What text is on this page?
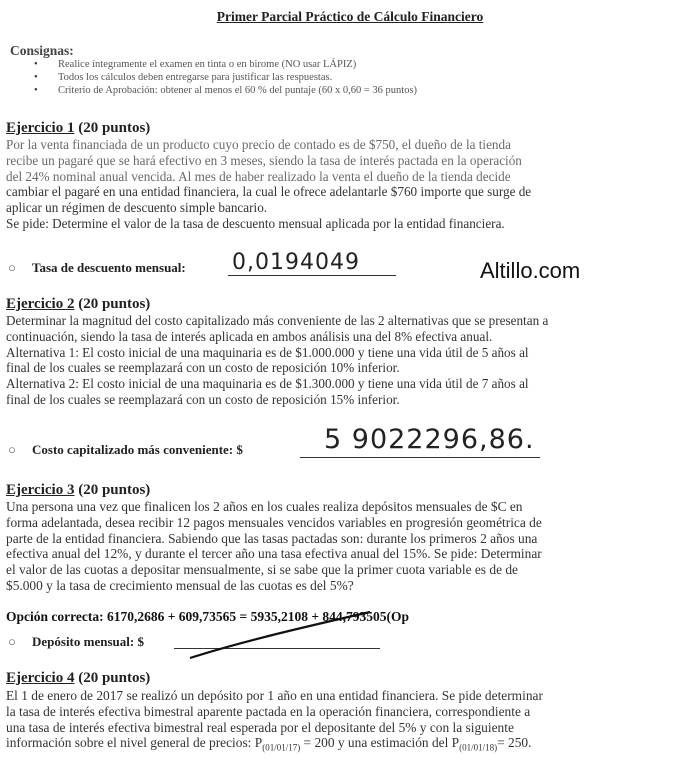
Primer Parcial Práctico de Cálculo Financiero
Consignas:
• Realice íntegramente el examen en tinta o en birome (NO usar LÁPIZ)
• Todos los cálculos deben entregarse para justificar las respuestas.
• Criterio de Aprobación: obtener al menos el 60 % del puntaje (60 x 0,60 = 36 puntos)
Ejercicio 1 (20 puntos)

Por la venta financiada de un producto cuyo precio de contado es de $750, el dueño de la tienda

recibe un pagaré que se hará efectivo en 3 meses, siendo la tasa de interés pactada en la operación

del 24% nominal anual vencida. Al mes de haber realizado la venta el dueño de la tienda decide

cambiar el pagaré en una entidad financiera, la cual le ofrece adelantarle $760 importe que surge de

aplicar un régimen de descuento simple bancario.

Se pide: Determine el valor de la tasa de descuento mensual aplicada por la entidad financiera.

○ Tasa de descuento mensual: 0,0194049	Altillo.com
Ejercicio 2 (20 puntos)

Determinar la magnitud del costo capitalizado más conveniente de las 2 alternativas que se presentan a

continuación, siendo la tasa de interés aplicada en ambos análisis una del 8% efectiva anual.

Alternativa 1: El costo inicial de una maquinaria es de $1.000.000 y tiene una vida útil de 5 años al

final de los cuales se reemplazará con un costo de reposición 10% inferior.

Alternativa 2: El costo inicial de una maquinaria es de $1.300.000 y tiene una vida útil de 7 años al

final de los cuales se reemplazará con un costo de reposición 15% inferior.

○ Costo capitalizado más conveniente: $	5 9022296,86.
Ejercicio 3 (20 puntos)

Una persona una vez que finalicen los 2 años en los cuales realiza depósitos mensuales de $C en

forma adelantada, desea recibir 12 pagos mensuales vencidos variables en progresión geométrica de

parte de la entidad financiera. Sabiendo que las tasas pactadas son: durante los primeros 2 años una

efectiva anual del 12%, y durante el tercer año una tasa efectiva anual del 15%. Se pide: Determinar

el valor de las cuotas a depositar mensualmente, si se sabe que la primer cuota variable es de de

$5.000 y la tasa de crecimiento mensual de las cuotas es del 5%?

Opción correcta: 6170,2686 + 609,73565 = 5935,2108 + 844,793505(Op
○ Depósito mensual: $
Ejercicio 4 (20 puntos)

El 1 de enero de 2017 se realizó un depósito por 1 año en una entidad financiera. Se pide determinar

la tasa de interés efectiva bimestral aparente pactada en la operación financiera, correspondiente a

una tasa de interés efectiva bimestral real esperada por el depositante del 5% y con la siguiente

información sobre el nivel general de precios: $P_{(01/01/17)} = 200$ y una estimación del $P_{(01/01/18)}= 250$.
